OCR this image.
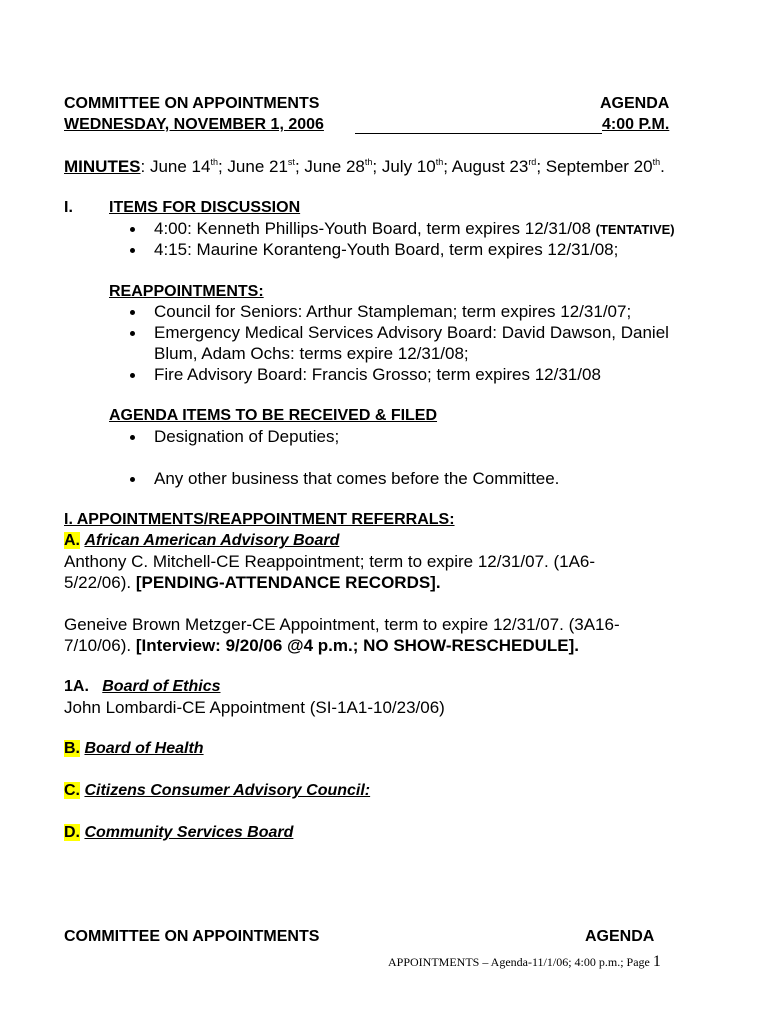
COMMITTEE ON APPOINTMENTS	AGENDA
WEDNESDAY, NOVEMBER 1, 2006	4:00 P.M.
MINUTES: June 14th; June 21st; June 28th; July 10th; August 23rd; September 20th.
I. ITEMS FOR DISCUSSION
4:00: Kenneth Phillips-Youth Board, term expires 12/31/08 (TENTATIVE)
4:15: Maurine Koranteng-Youth Board, term expires 12/31/08;
REAPPOINTMENTS:
Council for Seniors: Arthur Stampleman; term expires 12/31/07;
Emergency Medical Services Advisory Board: David Dawson, Daniel
Blum, Adam Ochs: terms expire 12/31/08;
Fire Advisory Board: Francis Grosso; term expires 12/31/08
AGENDA ITEMS TO BE RECEIVED & FILED
Designation of Deputies;
Any other business that comes before the Committee.
I. APPOINTMENTS/REAPPOINTMENT REFERRALS:
A. African American Advisory Board
Anthony C. Mitchell-CE Reappointment; term to expire 12/31/07. (1A6-
5/22/06). [PENDING-ATTENDANCE RECORDS].
Geneive Brown Metzger-CE Appointment, term to expire 12/31/07. (3A16-
7/10/06). [Interview: 9/20/06 @4 p.m.; NO SHOW-RESCHEDULE].
1A. Board of Ethics
John Lombardi-CE Appointment (SI-1A1-10/23/06)
B. Board of Health
C. Citizens Consumer Advisory Council:
D. Community Services Board
COMMITTEE ON APPOINTMENTS	AGENDA
APPOINTMENTS – Agenda-11/1/06; 4:00 p.m.; Page 1
